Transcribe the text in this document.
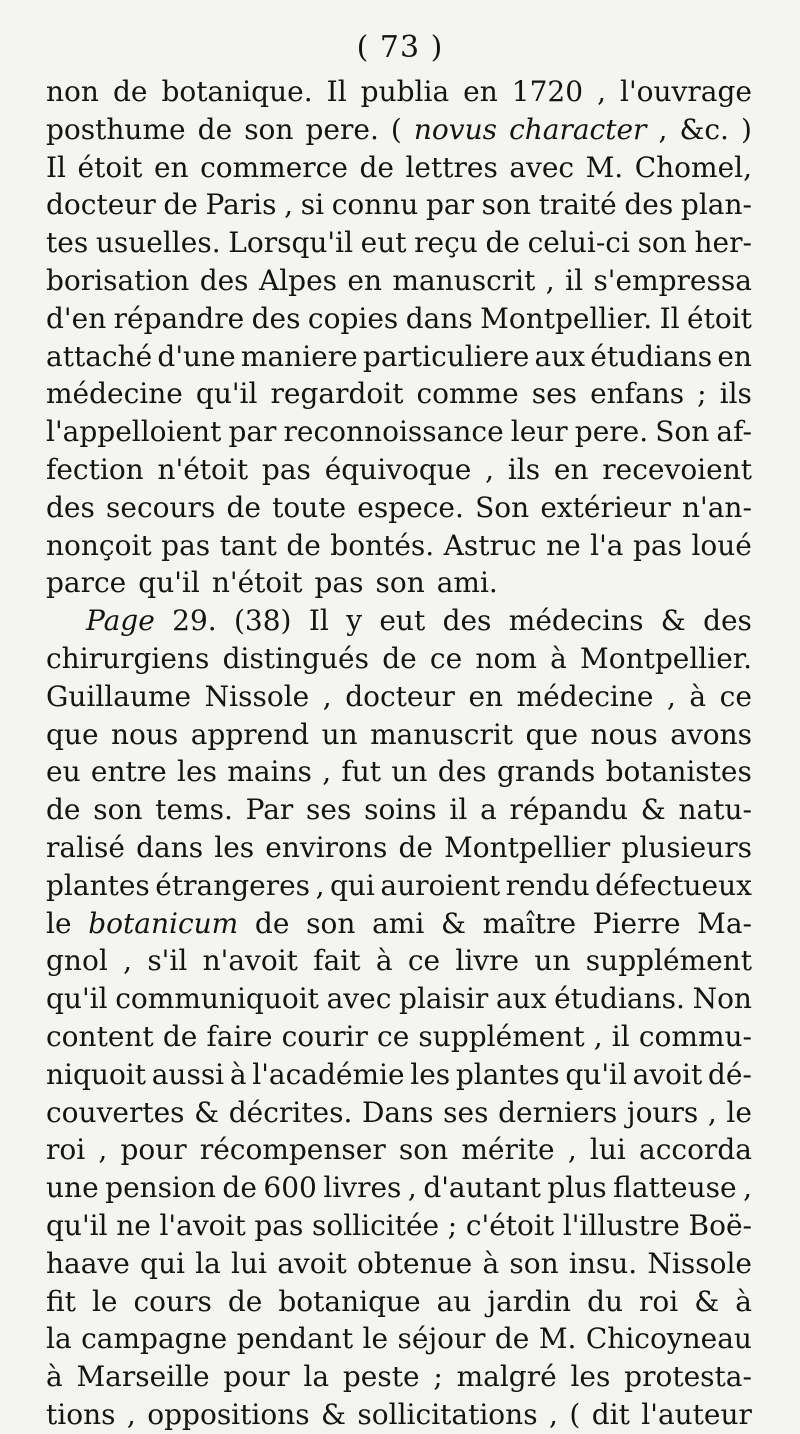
( 73 )
non de botanique. Il publia en 1720 , l'ouvrage
posthume de son pere. ( novus character , &c. )
Il étoit en commerce de lettres avec M. Chomel,
docteur de Paris , si connu par son traité des plan-
tes usuelles. Lorsqu'il eut reçu de celui-ci son her-
borisation des Alpes en manuscrit , il s'empressa
d'en répandre des copies dans Montpellier. Il étoit
attaché d'une maniere particuliere aux étudians en
médecine qu'il regardoit comme ses enfans ; ils
l'appelloient par reconnoissance leur pere. Son af-
fection n'étoit pas équivoque , ils en recevoient
des secours de toute espece. Son extérieur n'an-
nonçoit pas tant de bontés. Astruc ne l'a pas loué
parce qu'il n'étoit pas son ami.
Page 29. (38) Il y eut des médecins & des
chirurgiens distingués de ce nom à Montpellier.
Guillaume Nissole , docteur en médecine , à ce
que nous apprend un manuscrit que nous avons
eu entre les mains , fut un des grands botanistes
de son tems. Par ses soins il a répandu & natu-
ralisé dans les environs de Montpellier plusieurs
plantes étrangeres , qui auroient rendu défectueux
le botanicum de son ami & maître Pierre Ma-
gnol , s'il n'avoit fait à ce livre un supplément
qu'il communiquoit avec plaisir aux étudians. Non
content de faire courir ce supplément , il commu-
niquoit aussi à l'académie les plantes qu'il avoit dé-
couvertes & décrites. Dans ses derniers jours , le
roi , pour récompenser son mérite , lui accorda
une pension de 600 livres , d'autant plus flatteuse ,
qu'il ne l'avoit pas sollicitée ; c'étoit l'illustre Boë-
haave qui la lui avoit obtenue à son insu. Nissole
fit le cours de botanique au jardin du roi & à
la campagne pendant le séjour de M. Chicoyneau
à Marseille pour la peste ; malgré les protesta-
tions , oppositions & sollicitations , ( dit l'auteur
